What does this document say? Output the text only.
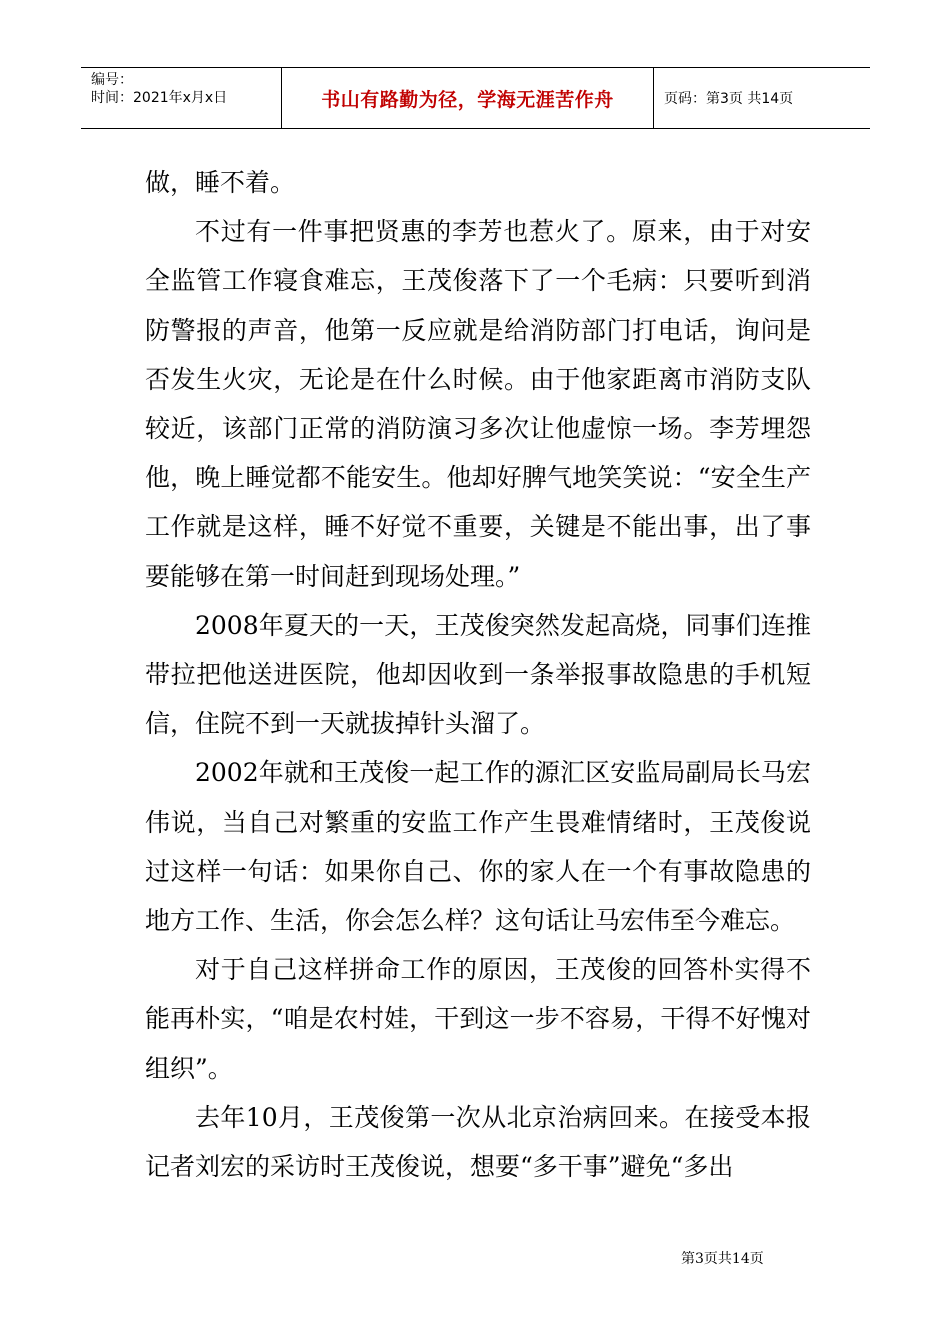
编号：
时间：2021年x月x日	书山有路勤为径，学海无涯苦作舟	页码：第3页 共14页

做，睡不着。

不过有一件事把贤惠的李芳也惹火了。原来，由于对安全监管工作寝食难忘，王茂俊落下了一个毛病：只要听到消防警报的声音，他第一反应就是给消防部门打电话，询问是否发生火灾，无论是在什么时候。由于他家距离市消防支队较近，该部门正常的消防演习多次让他虚惊一场。李芳埋怨他，晚上睡觉都不能安生。他却好脾气地笑笑说：“安全生产工作就是这样，睡不好觉不重要，关键是不能出事，出了事要能够在第一时间赶到现场处理。”

2008年夏天的一天，王茂俊突然发起高烧，同事们连推带拉把他送进医院，他却因收到一条举报事故隐患的手机短信，住院不到一天就拔掉针头溜了。

2002年就和王茂俊一起工作的源汇区安监局副局长马宏伟说，当自己对繁重的安监工作产生畏难情绪时，王茂俊说过这样一句话：如果你自己、你的家人在一个有事故隐患的地方工作、生活，你会怎么样？这句话让马宏伟至今难忘。

对于自己这样拼命工作的原因，王茂俊的回答朴实得不能再朴实，“咱是农村娃，干到这一步不容易，干得不好愧对组织”。

去年10月，王茂俊第一次从北京治病回来。在接受本报记者刘宏的采访时王茂俊说，想要“多干事”避免“多出

第3页共14页
